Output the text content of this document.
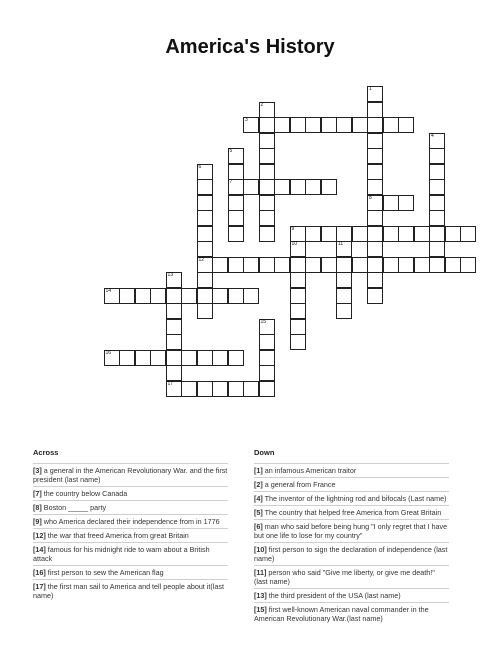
America's History
1
8
2
3
4
5
7
6
12
9
10	11
13
17
14
15
16
Across
[3] a general in the American Revolutionary War. and the first president (last name)
[7] the country below Canada
[8] Boston _____ party
[9] who America declared their independence from in 1776
[12] the war that freed America from great Britain
[14] famous for his midnight ride to warn about a British attack
[16] first person to sew the American flag
[17] the first man sail to America and tell people about it(last name)
Down
[1] an infamous American traitor
[2] a general from France
[4] The inventor of the lightning rod and bifocals (Last name)
[5] The country that helped free America from Great Britain
[6] man who said before being hung "I only regret that I have but one life to lose for my country"
[10] first person to sign the declaration of independence (last name)
[11] person who said "Give me liberty, or give me death!" (last name)
[13] the third president of the USA (last name)
[15] first well-known American naval commander in the American Revolutionary War.(last name)
